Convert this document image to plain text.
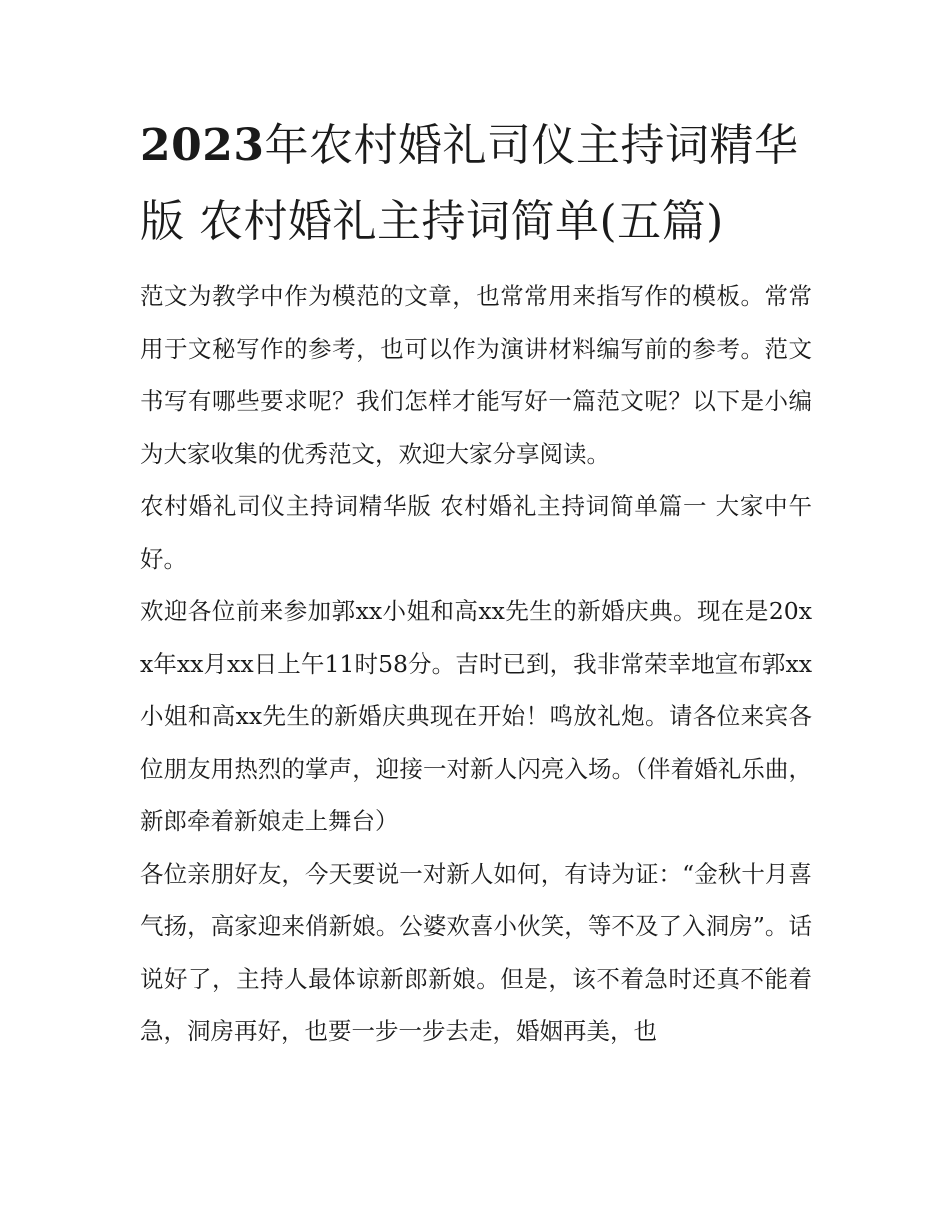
2023年农村婚礼司仪主持词精华版 农村婚礼主持词简单(五篇)

范文为教学中作为模范的文章，也常常用来指写作的模板。常常用于文秘写作的参考，也可以作为演讲材料编写前的参考。范文书写有哪些要求呢？我们怎样才能写好一篇范文呢？以下是小编为大家收集的优秀范文，欢迎大家分享阅读。

农村婚礼司仪主持词精华版 农村婚礼主持词简单篇一 大家中午好。

欢迎各位前来参加郭xx小姐和高xx先生的新婚庆典。现在是20xx年xx月xx日上午11时58分。吉时已到，我非常荣幸地宣布郭xx小姐和高xx先生的新婚庆典现在开始！鸣放礼炮。请各位来宾各位朋友用热烈的掌声，迎接一对新人闪亮入场。（伴着婚礼乐曲，新郎牵着新娘走上舞台）

各位亲朋好友，今天要说一对新人如何，有诗为证：“金秋十月喜气扬，高家迎来俏新娘。公婆欢喜小伙笑，等不及了入洞房”。话说好了，主持人最体谅新郎新娘。但是，该不着急时还真不能着急，洞房再好，也要一步一步去走，婚姻再美，也
